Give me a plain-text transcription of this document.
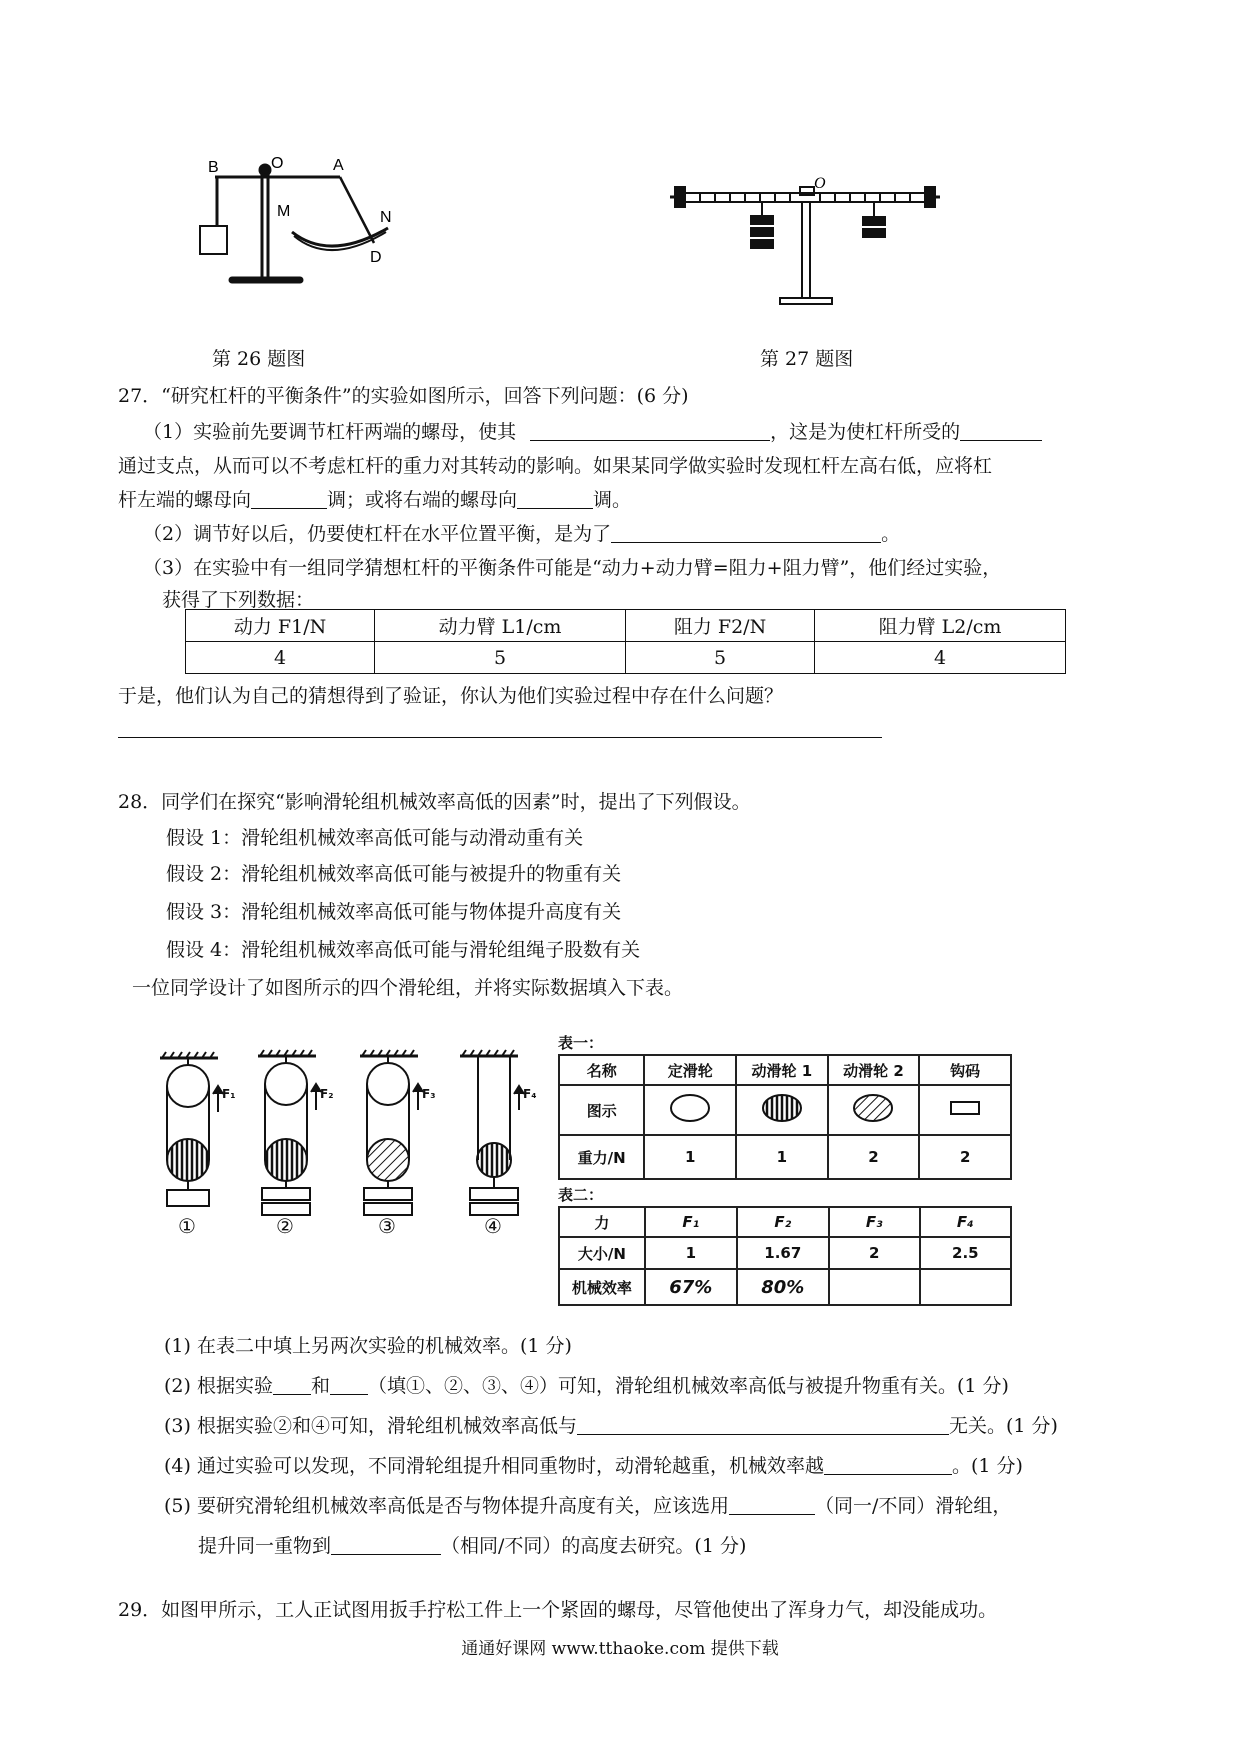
B	O	A
M	N
D
第 26 题图
O
第 27 题图
27．“研究杠杆的平衡条件”的实验如图所示，回答下列问题：(6 分)
（1）实验前先要调节杠杆两端的螺母，使其	，这是为使杠杆所受的
通过支点，从而可以不考虑杠杆的重力对其转动的影响。如果某同学做实验时发现杠杆左高右低，应将杠
杆左端的螺母向	调；或将右端的螺母向	调。
（2）调节好以后，仍要使杠杆在水平位置平衡，是为了	。
（3）在实验中有一组同学猜想杠杆的平衡条件可能是“动力+动力臂=阻力+阻力臂”，他们经过实验，
获得了下列数据：
动力 F1/N	动力臂 L1/cm	阻力 F2/N	阻力臂 L2/cm
4	5	5	4
于是，他们认为自己的猜想得到了验证，你认为他们实验过程中存在什么问题？
28．同学们在探究“影响滑轮组机械效率高低的因素”时，提出了下列假设。
假设 1：滑轮组机械效率高低可能与动滑动重有关
假设 2：滑轮组机械效率高低可能与被提升的物重有关
假设 3：滑轮组机械效率高低可能与物体提升高度有关
假设 4：滑轮组机械效率高低可能与滑轮组绳子股数有关
一位同学设计了如图所示的四个滑轮组，并将实际数据填入下表。
F₁	F₂	F₃	F₄
①	②	③	④
表一：
名称	定滑轮	动滑轮 1	动滑轮 2	钩码
图示				
重力/N	1	1	2	2
表二：
力	F₁	F₂	F₃	F₄
大小/N	1	1.67	2	2.5
机械效率	67%	80%		
(1) 在表二中填上另两次实验的机械效率。(1 分)
(2) 根据实验 和 （填①、②、③、④）可知，滑轮组机械效率高低与被提升物重有关。(1 分)
(3) 根据实验②和④可知，滑轮组机械效率高低与	无关。(1 分)
(4) 通过实验可以发现，不同滑轮组提升相同重物时，动滑轮越重，机械效率越	。(1 分)
(5) 要研究滑轮组机械效率高低是否与物体提升高度有关，应该选用	（同一/不同）滑轮组，
提升同一重物到	（相同/不同）的高度去研究。(1 分)
29．如图甲所示，工人正试图用扳手拧松工件上一个紧固的螺母，尽管他使出了浑身力气，却没能成功。
通通好课网 www.tthaoke.com 提供下载
